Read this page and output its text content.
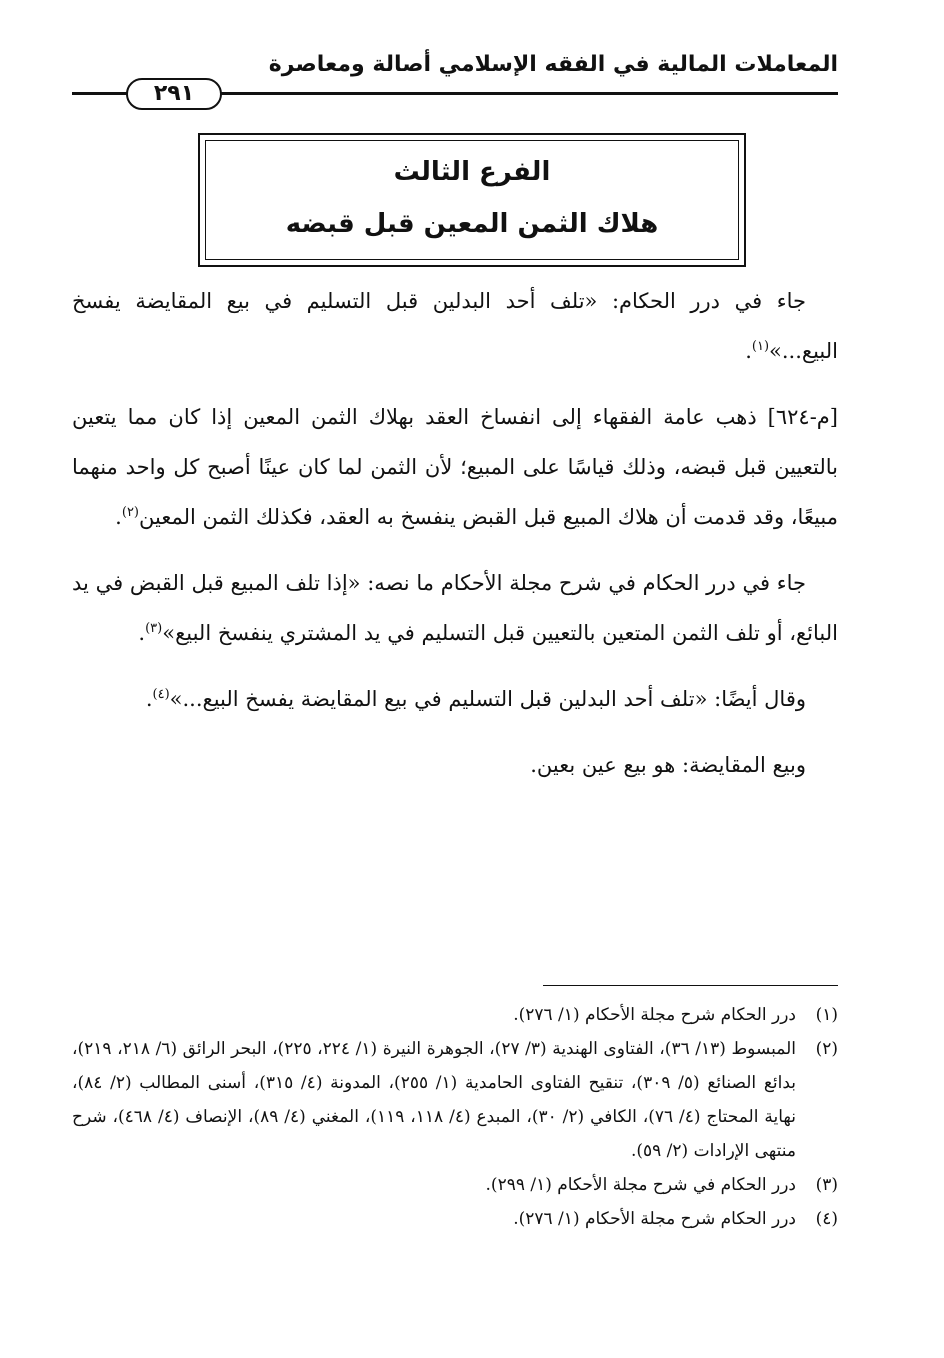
المعاملات المالية في الفقه الإسلامي أصالة ومعاصرة
٢٩١
الفرع الثالث
هلاك الثمن المعين قبل قبضه

جاء في درر الحكام: «تلف أحد البدلين قبل التسليم في بيع المقايضة يفسخ البيع...»$^{(١)}$.

[م-٦٢٤] ذهب عامة الفقهاء إلى انفساخ العقد بهلاك الثمن المعين إذا كان مما يتعين بالتعيين قبل قبضه، وذلك قياسًا على المبيع؛ لأن الثمن لما كان عينًا أصبح كل واحد منهما مبيعًا، وقد قدمت أن هلاك المبيع قبل القبض ينفسخ به العقد، فكذلك الثمن المعين$^{(٢)}$.

جاء في درر الحكام في شرح مجلة الأحكام ما نصه: «إذا تلف المبيع قبل القبض في يد البائع، أو تلف الثمن المتعين بالتعيين قبل التسليم في يد المشتري ينفسخ البيع»$^{(٣)}$.

وقال أيضًا: «تلف أحد البدلين قبل التسليم في بيع المقايضة يفسخ البيع...»$^{(٤)}$.

وبيع المقايضة: هو بيع عين بعين.

(١)
درر الحكام شرح مجلة الأحكام (١/ ٢٧٦).
(٢)
المبسوط (١٣/ ٣٦)، الفتاوى الهندية (٣/ ٢٧)، الجوهرة النيرة (١/ ٢٢٤، ٢٢٥)، البحر الرائق (٦/ ٢١٨، ٢١٩)، بدائع الصنائع (٥/ ٣٠٩)، تنقيح الفتاوى الحامدية (١/ ٢٥٥)، المدونة (٤/ ٣١٥)، أسنى المطالب (٢/ ٨٤)، نهاية المحتاج (٤/ ٧٦)، الكافي (٢/ ٣٠)، المبدع (٤/ ١١٨، ١١٩)، المغني (٤/ ٨٩)، الإنصاف (٤/ ٤٦٨)، شرح منتهى الإرادات (٢/ ٥٩).
(٣)
درر الحكام في شرح مجلة الأحكام (١/ ٢٩٩).
(٤)
درر الحكام شرح مجلة الأحكام (١/ ٢٧٦).
